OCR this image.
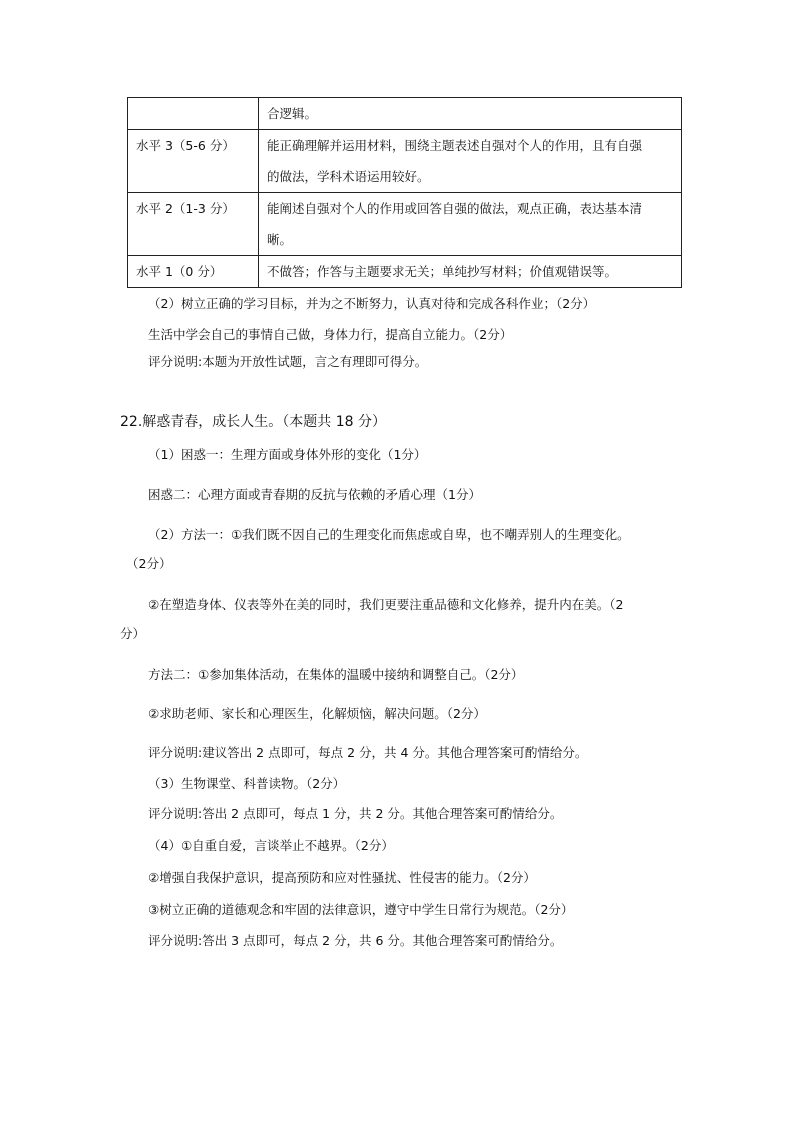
	合逻辑。

水平 3（5-6 分）	能正确理解并运用材料，围绕主题表述自强对个人的作用，且有自强
的做法，学科术语运用较好。

水平 2（1-3 分）	能阐述自强对个人的作用或回答自强的做法，观点正确，表达基本清
晰。

水平 1（0 分）	不做答；作答与主题要求无关；单纯抄写材料；价值观错误等。
（2）树立正确的学习目标，并为之不断努力，认真对待和完成各科作业；（2分）
生活中学会自己的事情自己做，身体力行，提高自立能力。（2分）
评分说明:本题为开放性试题，言之有理即可得分。
22.解惑青春，成长人生。（本题共 18 分）
（1）困惑一：生理方面或身体外形的变化（1分）
困惑二：心理方面或青春期的反抗与依赖的矛盾心理（1分）
（2）方法一：①我们既不因自己的生理变化而焦虑或自卑，也不嘲弄别人的生理变化。
（2分）
②在塑造身体、仪表等外在美的同时，我们更要注重品德和文化修养，提升内在美。（2
分）
方法二：①参加集体活动，在集体的温暖中接纳和调整自己。（2分）
②求助老师、家长和心理医生，化解烦恼，解决问题。（2分）
评分说明:建议答出 2 点即可，每点 2 分，共 4 分。其他合理答案可酌情给分。
（3）生物课堂、科普读物。（2分）
评分说明:答出 2 点即可，每点 1 分，共 2 分。其他合理答案可酌情给分。
（4）①自重自爱，言谈举止不越界。（2分）
②增强自我保护意识，提高预防和应对性骚扰、性侵害的能力。（2分）
③树立正确的道德观念和牢固的法律意识，遵守中学生日常行为规范。（2分）
评分说明:答出 3 点即可，每点 2 分，共 6 分。其他合理答案可酌情给分。
